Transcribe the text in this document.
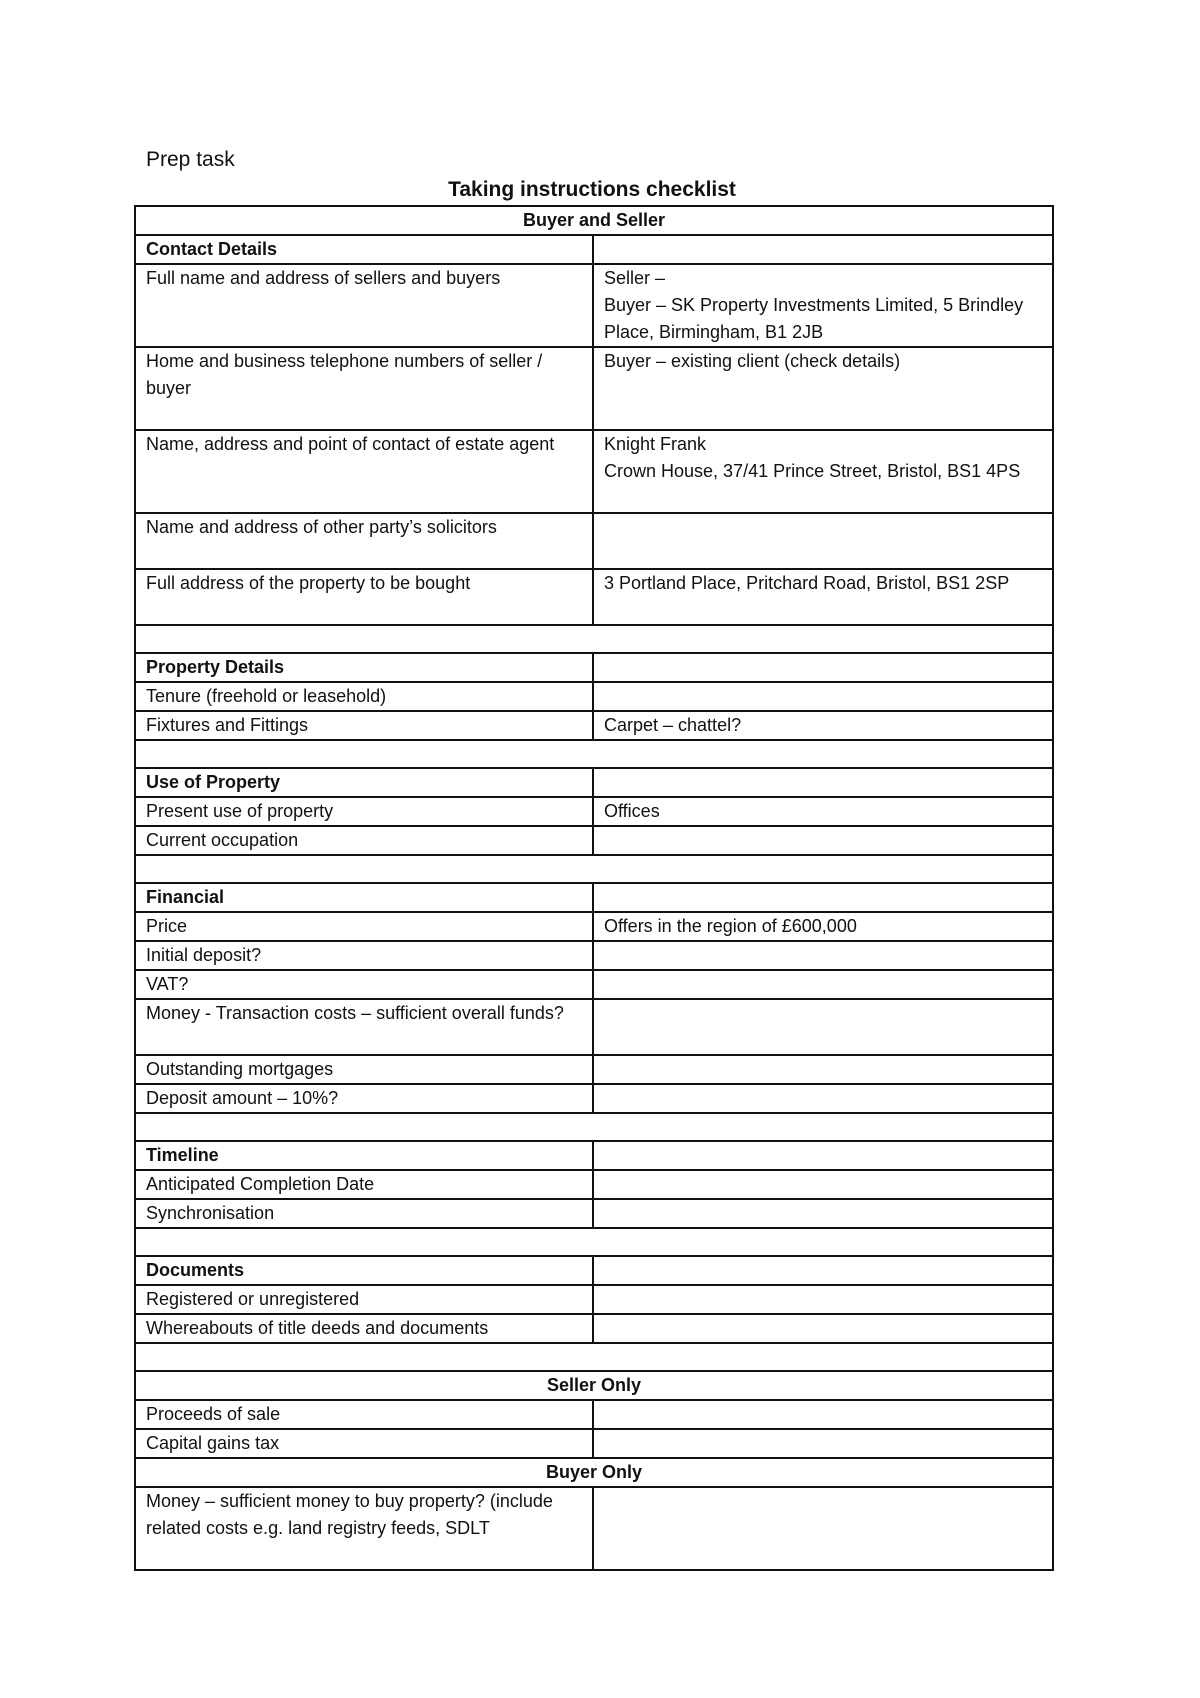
Prep task
Taking instructions checklist
Buyer and Seller	
Contact Details	
Full name and address of sellers and buyers	Seller –
Buyer – SK Property Investments Limited, 5 Brindley Place, Birmingham, B1 2JB
Home and business telephone numbers of seller / buyer	Buyer – existing client (check details)
Name, address and point of contact of estate agent	Knight Frank
Crown House, 37/41 Prince Street, Bristol, BS1 4PS
Name and address of other party’s solicitors	
Full address of the property to be bought	3 Portland Place, Pritchard Road, Bristol, BS1 2SP

Property Details	
Tenure (freehold or leasehold)	
Fixtures and Fittings	Carpet – chattel?

Use of Property	
Present use of property	Offices
Current occupation	

Financial	
Price	Offers in the region of £600,000
Initial deposit?	
VAT?	
Money - Transaction costs – sufficient overall funds?	
Outstanding mortgages	
Deposit amount – 10%?	

Timeline	
Anticipated Completion Date	
Synchronisation	

Documents	
Registered or unregistered	
Whereabouts of title deeds and documents	

Seller Only	
Proceeds of sale	
Capital gains tax	
Buyer Only	
Money – sufficient money to buy property? (include related costs e.g. land registry feeds, SDLT	
